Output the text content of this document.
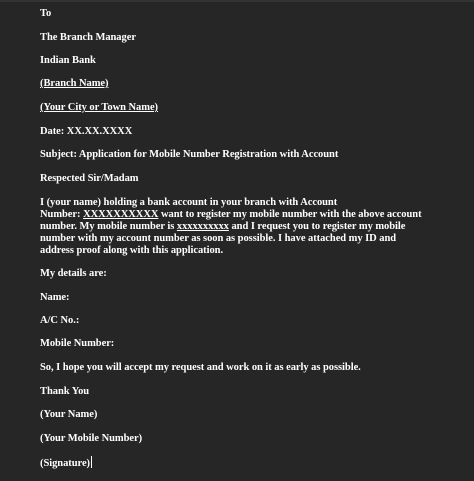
To
The Branch Manager
Indian Bank
(Branch Name)
(Your City or Town Name)
Date: XX.XX.XXXX
Subject: Application for Mobile Number Registration with Account
Respected Sir/Madam
I (your name) holding a bank account in your branch with Account
Number: XXXXXXXXXX want to register my mobile number with the above account
number. My mobile number is xxxxxxxxxx and I request you to register my mobile
number with my account number as soon as possible. I have attached my ID and
address proof along with this application.
My details are:
Name:
A/C No.:
Mobile Number:
So, I hope you will accept my request and work on it as early as possible.
Thank You
(Your Name)
(Your Mobile Number)
(Signature)
